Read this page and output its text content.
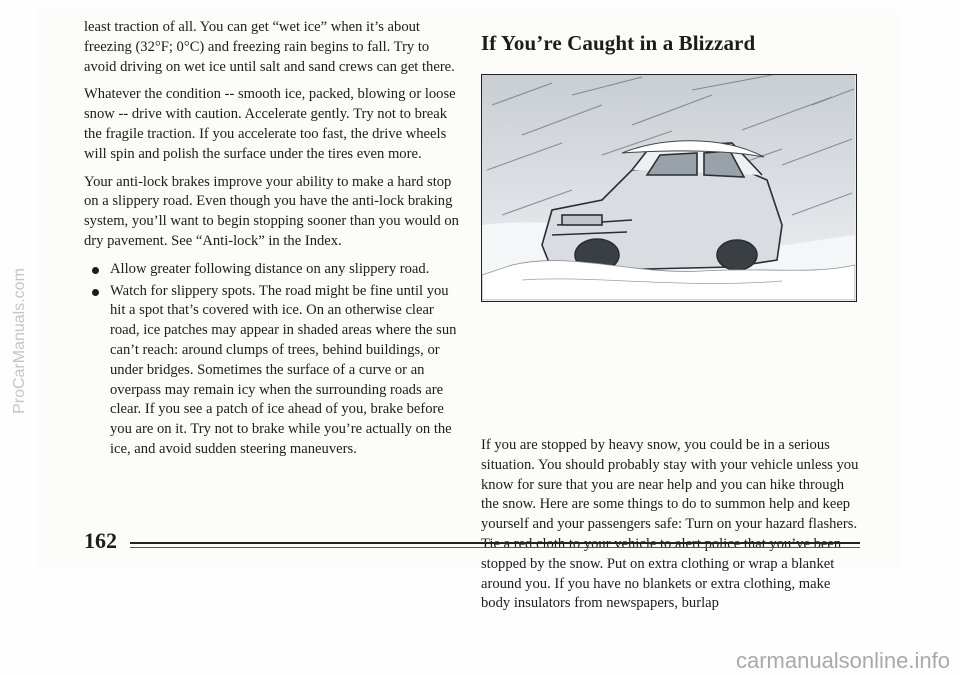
least traction of all. You can get “wet ice” when it’s about freezing (32°F; 0°C) and freezing rain begins to fall. Try to avoid driving on wet ice until salt and sand crews can get there.

Whatever the condition -- smooth ice, packed, blowing or loose snow -- drive with caution. Accelerate gently. Try not to break the fragile traction. If you accelerate too fast, the drive wheels will spin and polish the surface under the tires even more.

Your anti-lock brakes improve your ability to make a hard stop on a slippery road. Even though you have the anti-lock braking system, you’ll want to begin stopping sooner than you would on dry pavement. See “Anti-lock” in the Index.

Allow greater following distance on any slippery road.
Watch for slippery spots. The road might be fine until you hit a spot that’s covered with ice. On an otherwise clear road, ice patches may appear in shaded areas where the sun can’t reach: around clumps of trees, behind buildings, or under bridges. Sometimes the surface of a curve or an overpass may remain icy when the surrounding roads are clear. If you see a patch of ice ahead of you, brake before you are on it. Try not to brake while you’re actually on the ice, and avoid sudden steering maneuvers.
If You’re Caught in a Blizzard

If you are stopped by heavy snow, you could be in a serious situation. You should probably stay with your vehicle unless you know for sure that you are near help and you can hike through the snow. Here are some things to do to summon help and keep yourself and your passengers safe: Turn on your hazard flashers. stopped by the snow. Put on extra clothing or wrap a blanket around you. If you have no blankets or extra clothing, make body insulators from newspapers, burlap

162
ProCarManuals.com
carmanualsonline.info
